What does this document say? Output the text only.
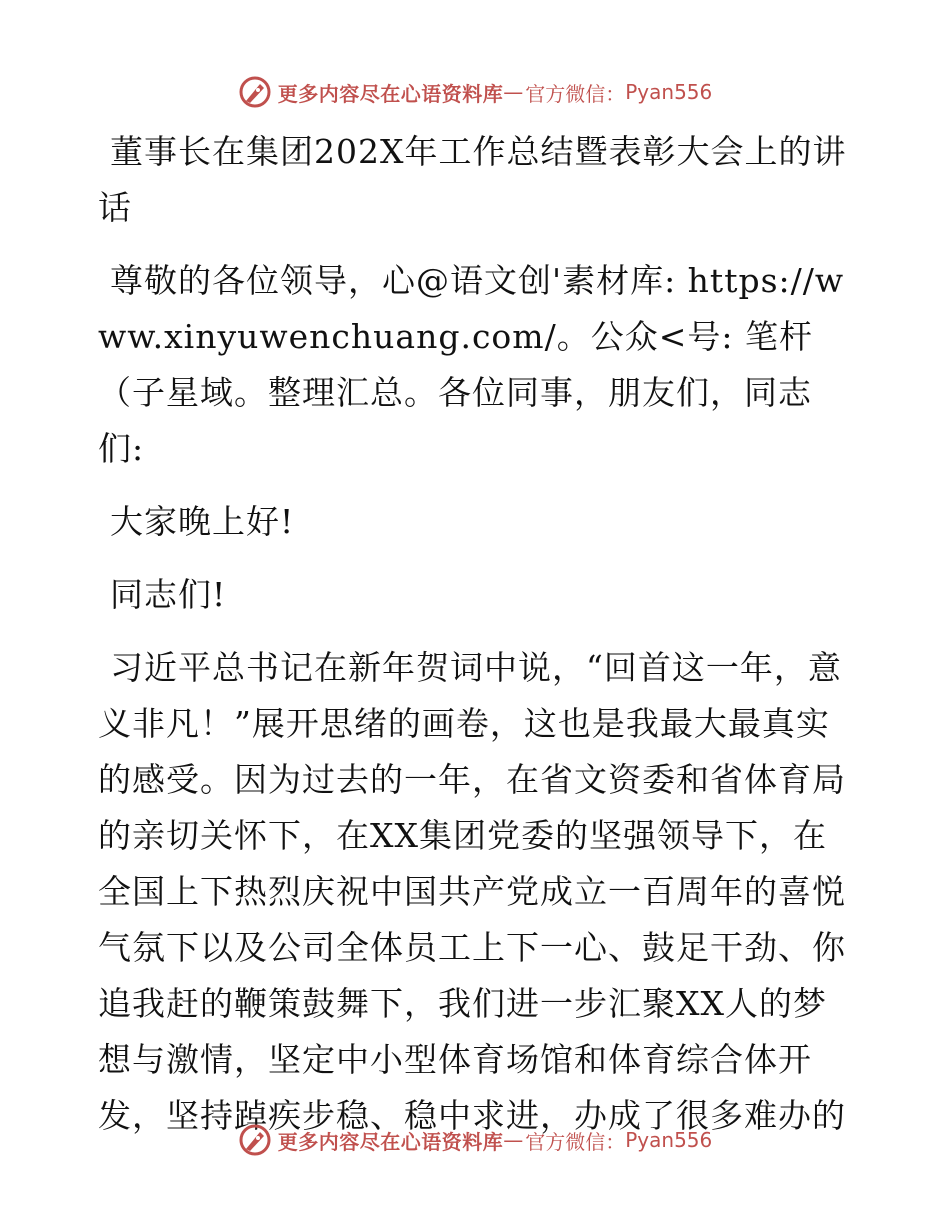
更多内容尽在心语资料库 — 官方微信： Pyan556

董事长在集团202X年工作总结暨表彰大会上的讲话

尊敬的各位领导，心@语文创'素材库: https://www.xinyuwenchuang.com/。公众<号: 笔杆（子星域。整理汇总。各位同事，朋友们，同志们:

大家晚上好!

同志们!

习近平总书记在新年贺词中说，“回首这一年，意义非凡！”展开思绪的画卷，这也是我最大最真实的感受。因为过去的一年，在省文资委和省体育局的亲切关怀下，在XX集团党委的坚强领导下，在全国上下热烈庆祝中国共产党成立一百周年的喜悦气氛下以及公司全体员工上下一心、鼓足干劲、你追我赶的鞭策鼓舞下，我们进一步汇聚XX人的梦想与激情，坚定中小型体育场馆和体育综合体开发，坚持踔疾步稳、稳中求进，办成了很多难办的

更多内容尽在心语资料库 — 官方微信： Pyan556
